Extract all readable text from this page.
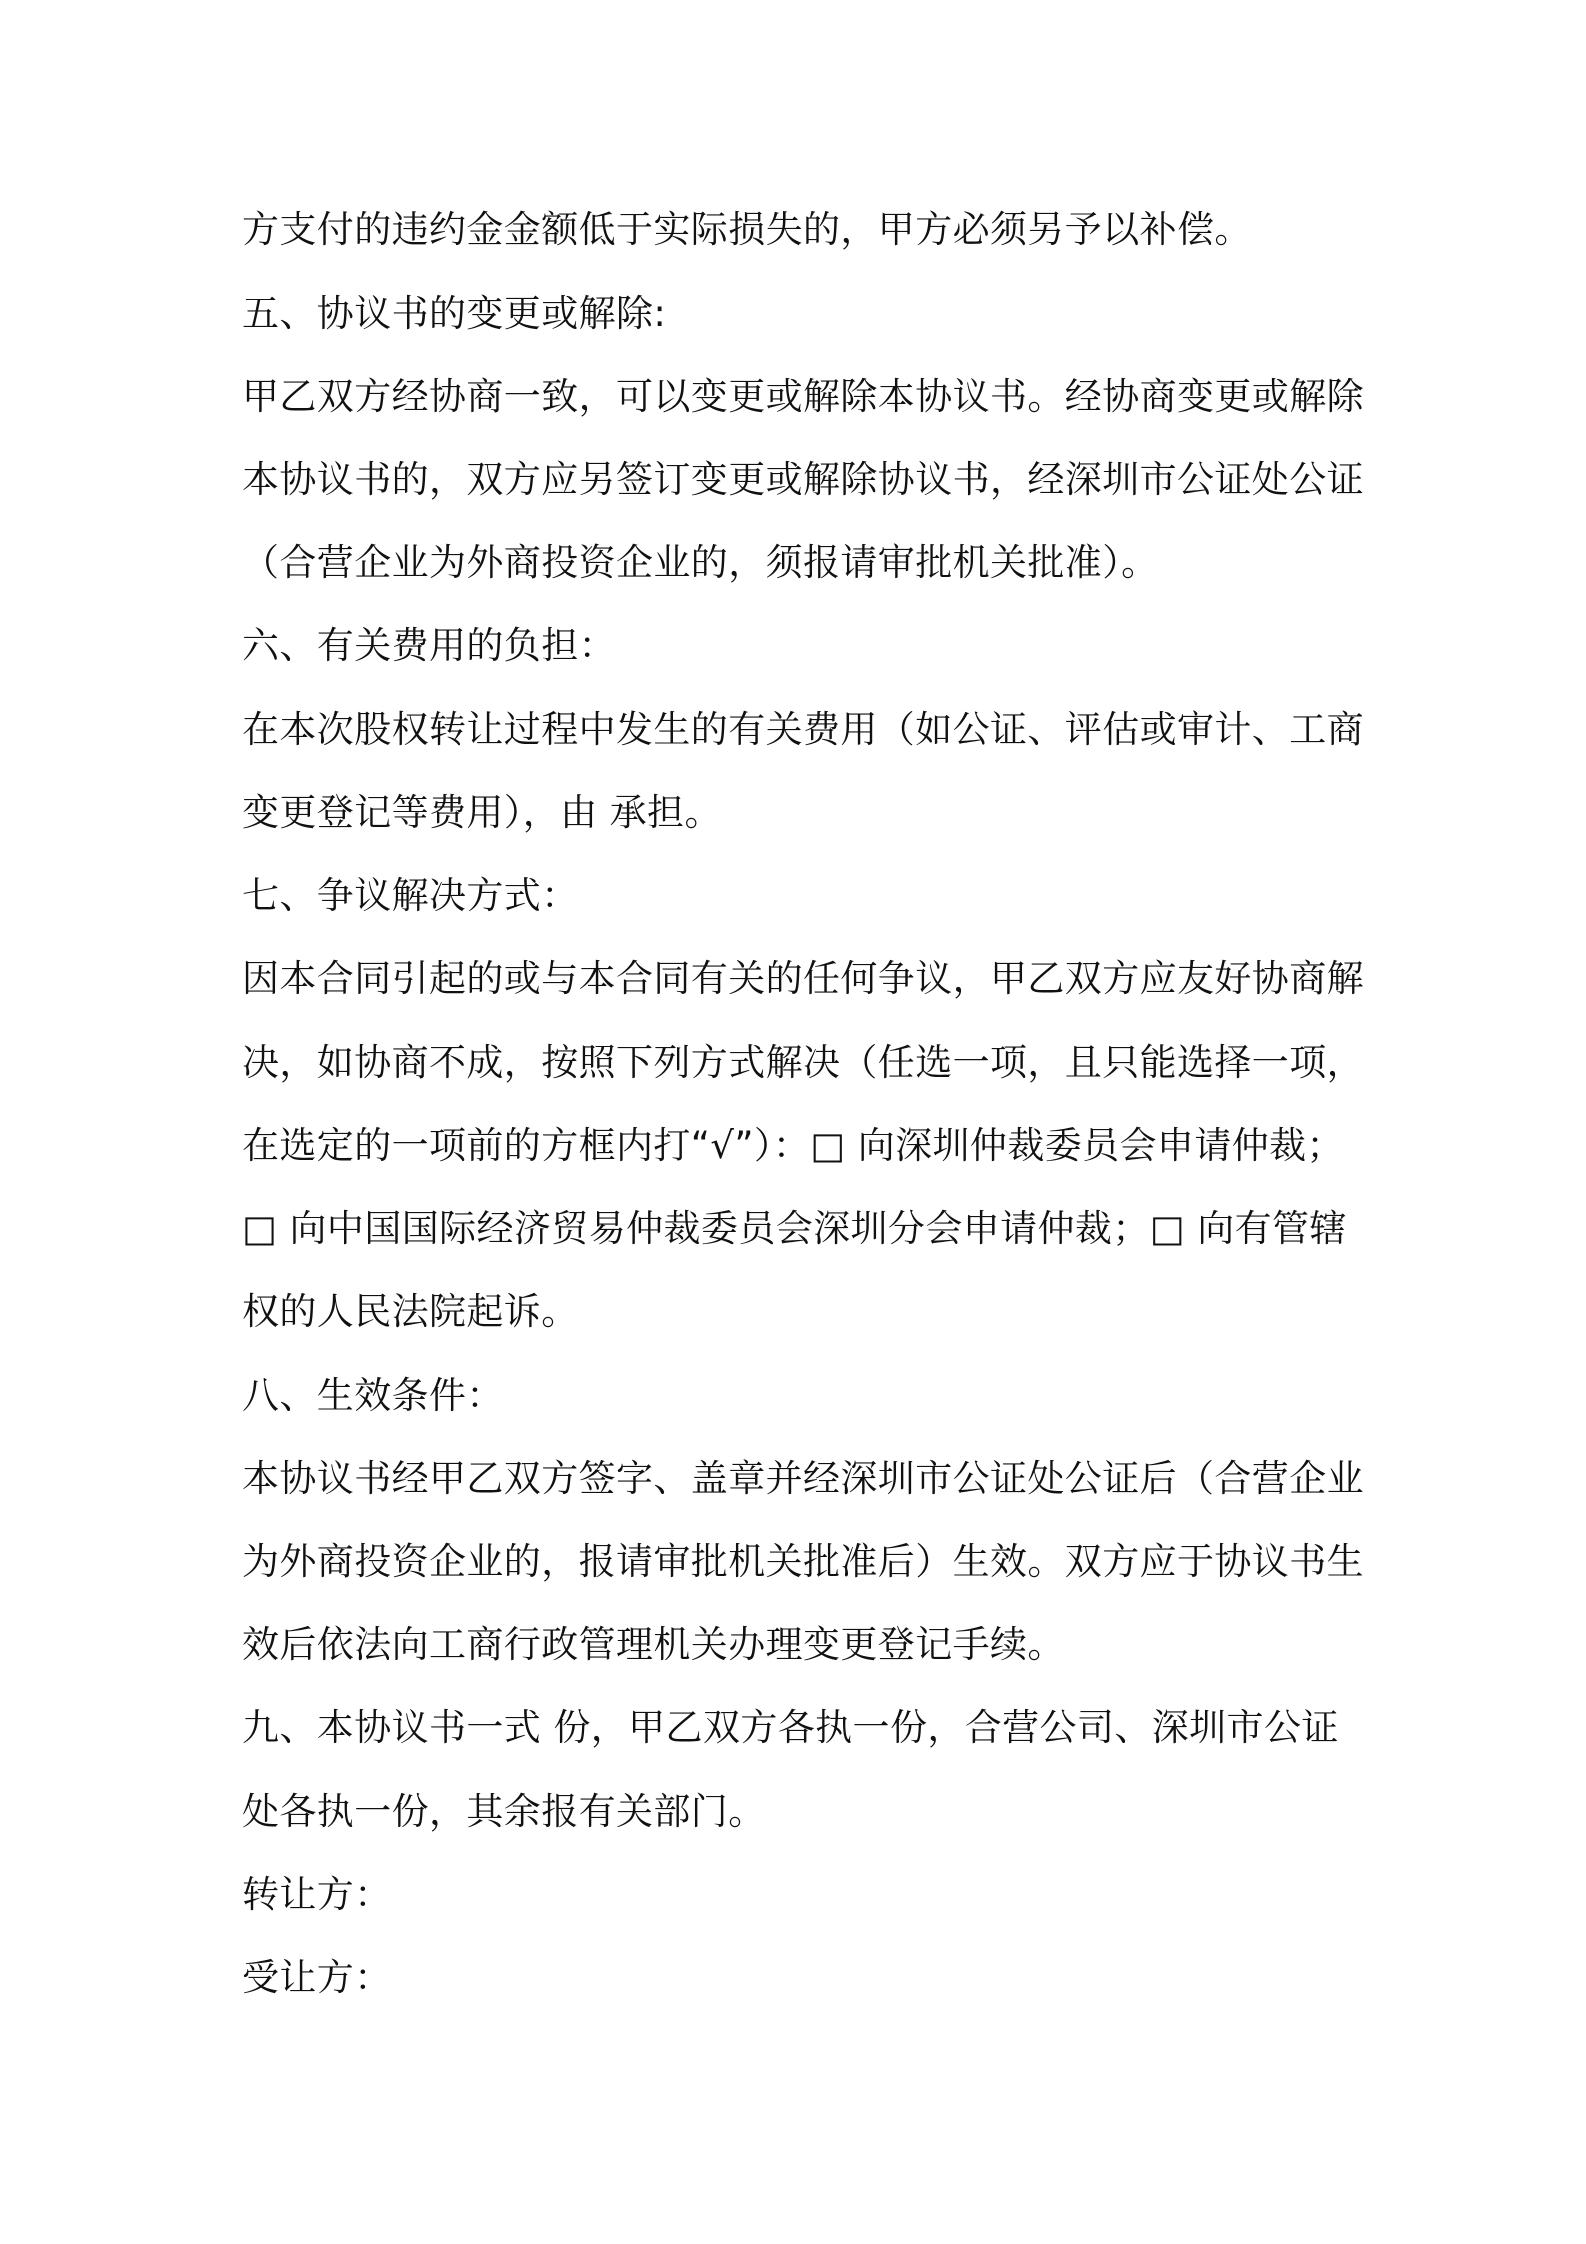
方支付的违约金金额低于实际损失的，甲方必须另予以补偿。
五、协议书的变更或解除:
甲乙双方经协商一致，可以变更或解除本协议书。经协商变更或解除
本协议书的，双方应另签订变更或解除协议书，经深圳市公证处公证
（合营企业为外商投资企业的，须报请审批机关批准）。
六、有关费用的负担：
在本次股权转让过程中发生的有关费用（如公证、评估或审计、工商
变更登记等费用），由 承担。
七、争议解决方式：
因本合同引起的或与本合同有关的任何争议，甲乙双方应友好协商解
决，如协商不成，按照下列方式解决（任选一项，且只能选择一项，
在选定的一项前的方框内打“√”）：□ 向深圳仲裁委员会申请仲裁；
□ 向中国国际经济贸易仲裁委员会深圳分会申请仲裁；□ 向有管辖
权的人民法院起诉。
八、生效条件：
本协议书经甲乙双方签字、盖章并经深圳市公证处公证后（合营企业
为外商投资企业的，报请审批机关批准后）生效。双方应于协议书生
效后依法向工商行政管理机关办理变更登记手续。
九、本协议书一式 份，甲乙双方各执一份，合营公司、深圳市公证
处各执一份，其余报有关部门。
转让方：
受让方：
